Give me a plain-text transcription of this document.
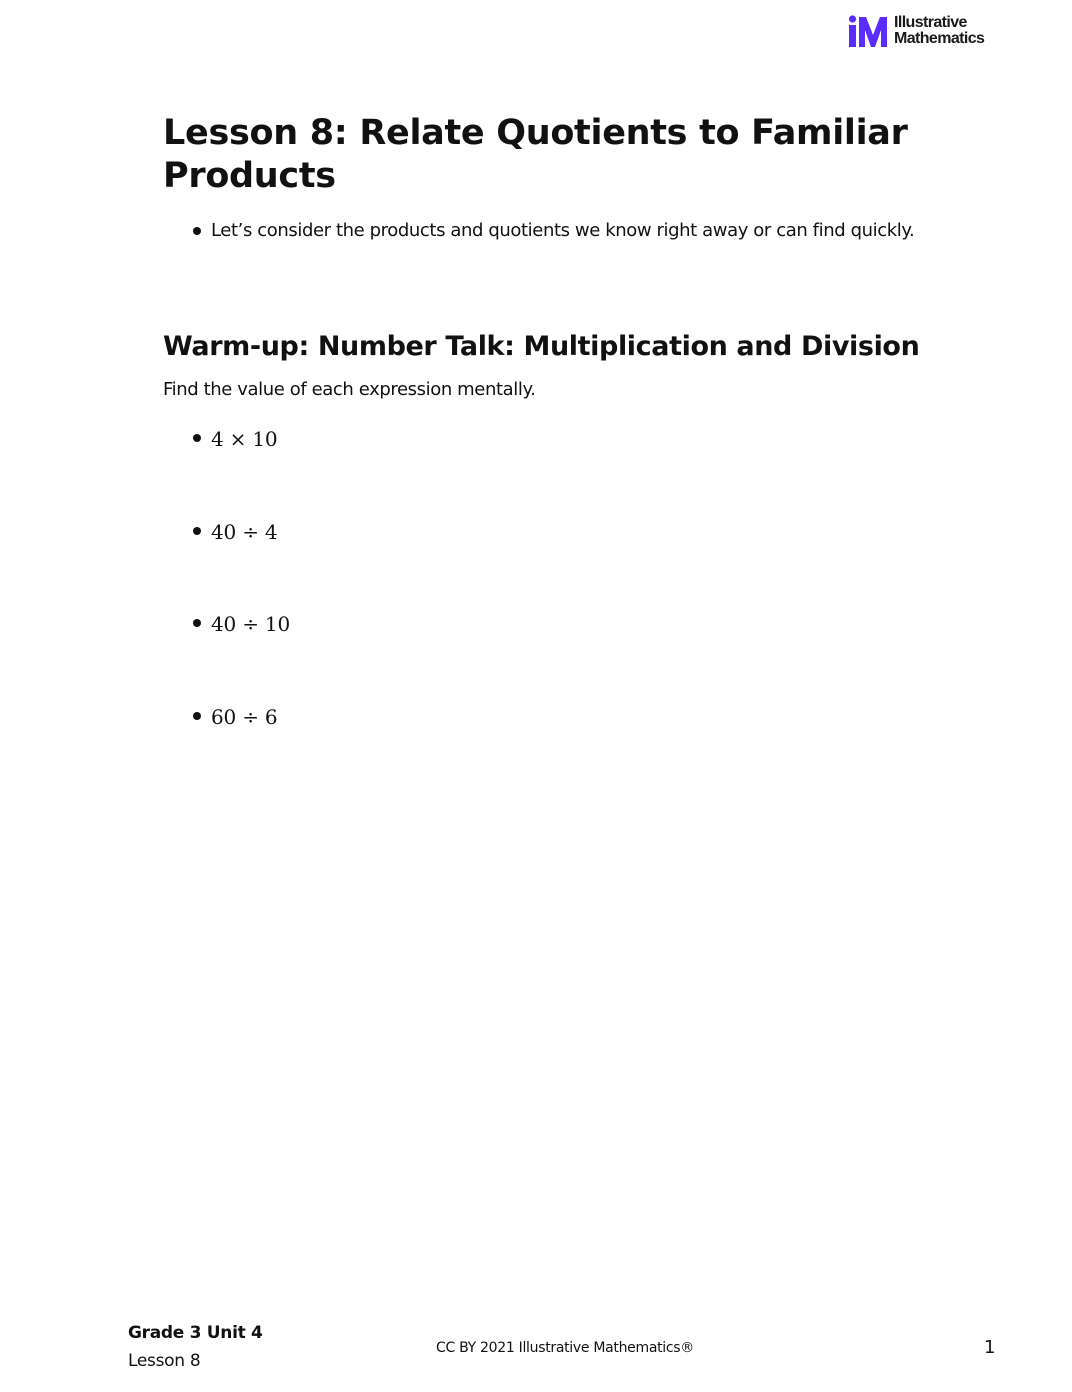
Illustrative
Mathematics
Lesson 8: Relate Quotients to Familiar Products
Let’s consider the products and quotients we know right away or can find quickly.
Warm-up: Number Talk: Multiplication and Division

Find the value of each expression mentally.

4 × 10
40 ÷ 4
40 ÷ 10
60 ÷ 6
Grade 3 Unit 4
Lesson 8
CC BY 2021 Illustrative Mathematics®	1
